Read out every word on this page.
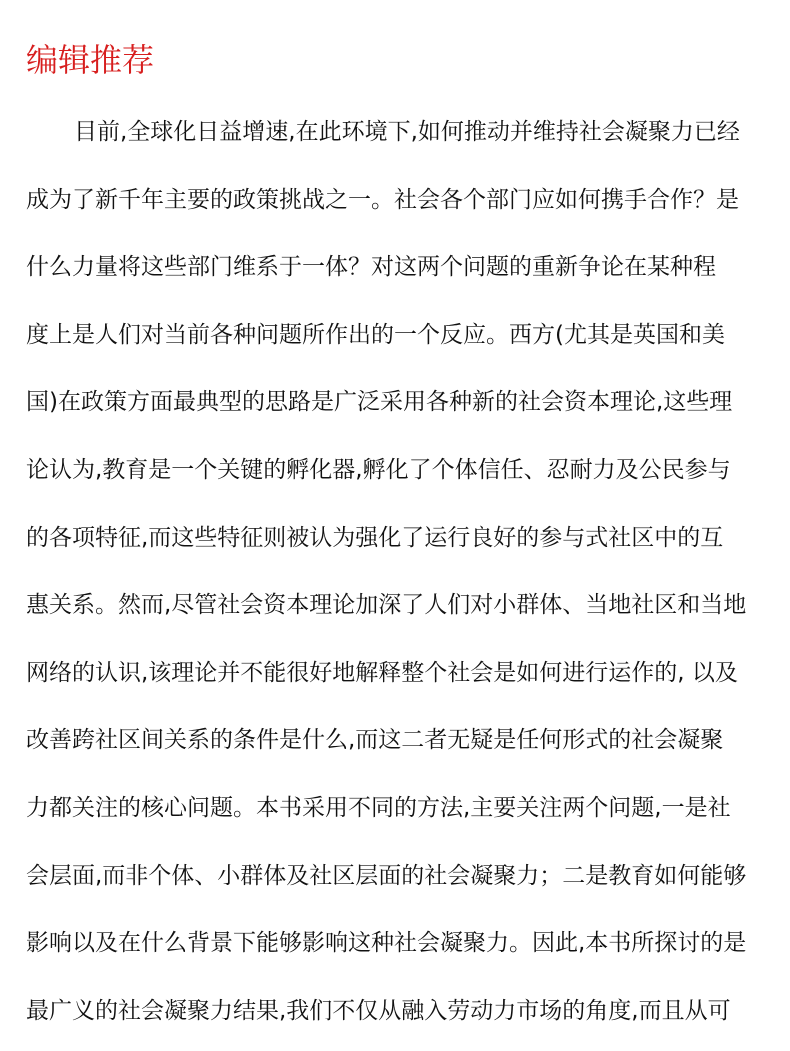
编辑推荐
目前,全球化日益增速,在此环境下,如何推动并维持社会凝聚力已经
成为了新千年主要的政策挑战之一。社会各个部门应如何携手合作？是
什么力量将这些部门维系于一体？对这两个问题的重新争论在某种程
度上是人们对当前各种问题所作出的一个反应。西方(尤其是英国和美
国)在政策方面最典型的思路是广泛采用各种新的社会资本理论,这些理
论认为,教育是一个关键的孵化器,孵化了个体信任、忍耐力及公民参与
的各项特征,而这些特征则被认为强化了运行良好的参与式社区中的互
惠关系。然而,尽管社会资本理论加深了人们对小群体、当地社区和当地
网络的认识,该理论并不能很好地解释整个社会是如何进行运作的, 以及
改善跨社区间关系的条件是什么,而这二者无疑是任何形式的社会凝聚
力都关注的核心问题。本书采用不同的方法,主要关注两个问题,一是社
会层面,而非个体、小群体及社区层面的社会凝聚力；二是教育如何能够
影响以及在什么背景下能够影响这种社会凝聚力。因此,本书所探讨的是
最广义的社会凝聚力结果,我们不仅从融入劳动力市场的角度,而且从可
